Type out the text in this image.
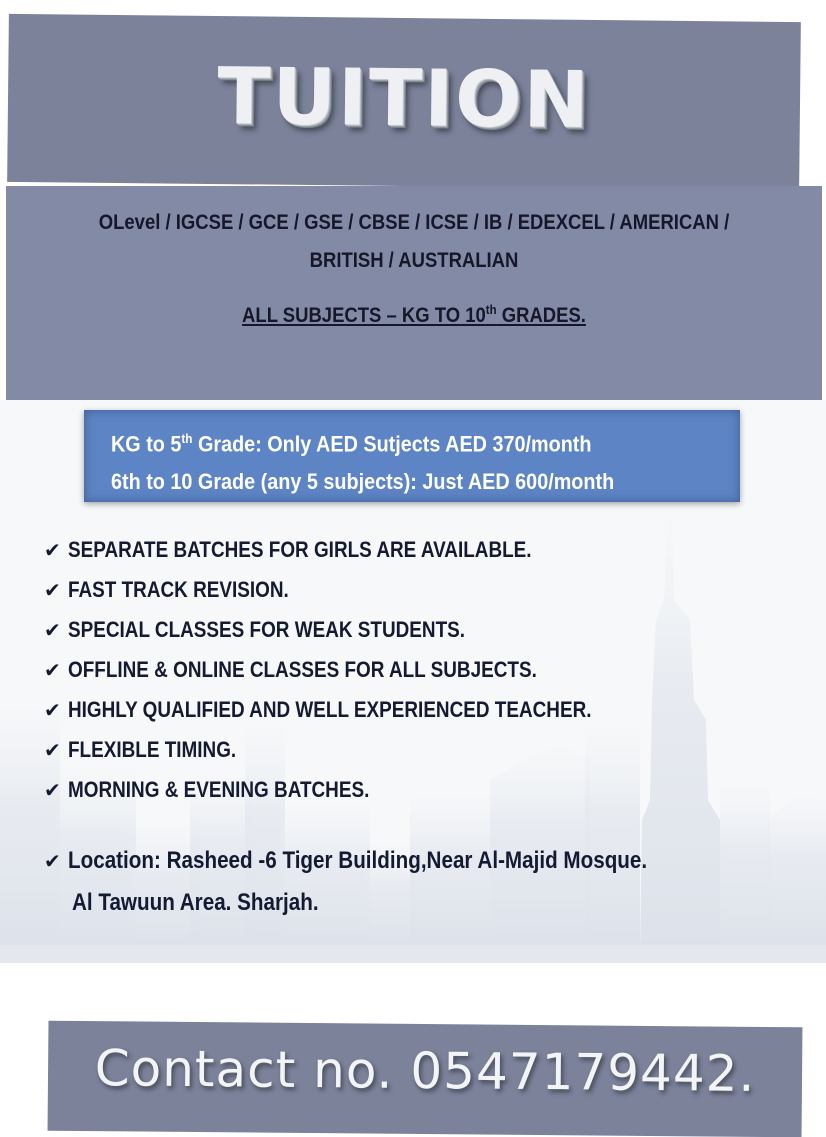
TUITION
OLevel / IGCSE / GCE / GSE / CBSE / ICSE / IB / EDEXCEL / AMERICAN /
BRITISH / AUSTRALIAN
ALL SUBJECTS – KG TO 10th GRADES.
KG to 5th Grade: Only AED Sutjects AED 370/month
6th to 10 Grade (any 5 subjects): Just AED 600/month
✔ SEPARATE BATCHES FOR GIRLS ARE AVAILABLE.
✔ FAST TRACK REVISION.
✔ SPECIAL CLASSES FOR WEAK STUDENTS.
✔ OFFLINE & ONLINE CLASSES FOR ALL SUBJECTS.
✔ HIGHLY QUALIFIED AND WELL EXPERIENCED TEACHER.
✔ FLEXIBLE TIMING.
✔ MORNING & EVENING BATCHES.
✔ Location: Rasheed -6 Tiger Building,Near Al-Majid Mosque.
Al Tawuun Area. Sharjah.
Contact no. 0547179442.
